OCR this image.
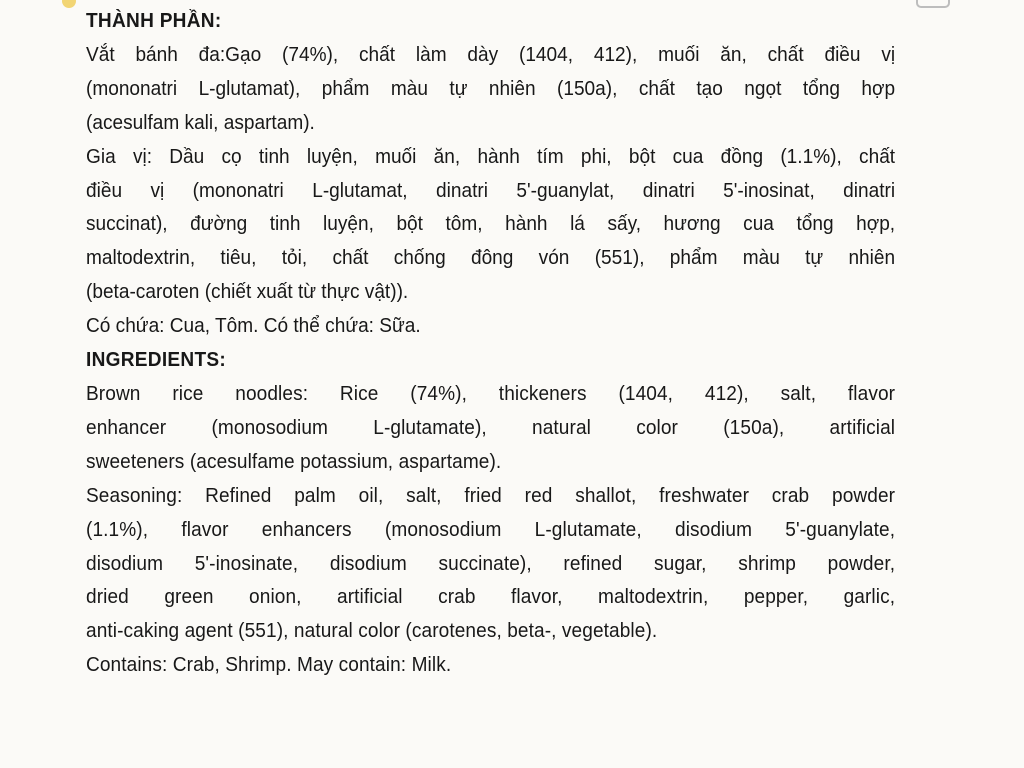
THÀNH PHẦN:
Vắt bánh đa:Gạo (74%), chất làm dày (1404, 412), muối ăn, chất điều vị
(mononatri L-glutamat), phẩm màu tự nhiên (150a), chất tạo ngọt tổng hợp
(acesulfam kali, aspartam).
Gia vị: Dầu cọ tinh luyện, muối ăn, hành tím phi, bột cua đồng (1.1%), chất
điều vị (mononatri L-glutamat, dinatri 5'-guanylat, dinatri 5'-inosinat, dinatri
succinat), đường tinh luyện, bột tôm, hành lá sấy, hương cua tổng hợp,
maltodextrin, tiêu, tỏi, chất chống đông vón (551), phẩm màu tự nhiên
(beta-caroten (chiết xuất từ thực vật)).
Có chứa: Cua, Tôm. Có thể chứa: Sữa.
INGREDIENTS:
Brown rice noodles: Rice (74%), thickeners (1404, 412), salt, flavor
enhancer (monosodium L-glutamate), natural color (150a), artificial
sweeteners (acesulfame potassium, aspartame).
Seasoning: Refined palm oil, salt, fried red shallot, freshwater crab powder
(1.1%), flavor enhancers (monosodium L-glutamate, disodium 5'-guanylate,
disodium 5'-inosinate, disodium succinate), refined sugar, shrimp powder,
dried green onion, artificial crab flavor, maltodextrin, pepper, garlic,
anti-caking agent (551), natural color (carotenes, beta-, vegetable).
Contains: Crab, Shrimp. May contain: Milk.
